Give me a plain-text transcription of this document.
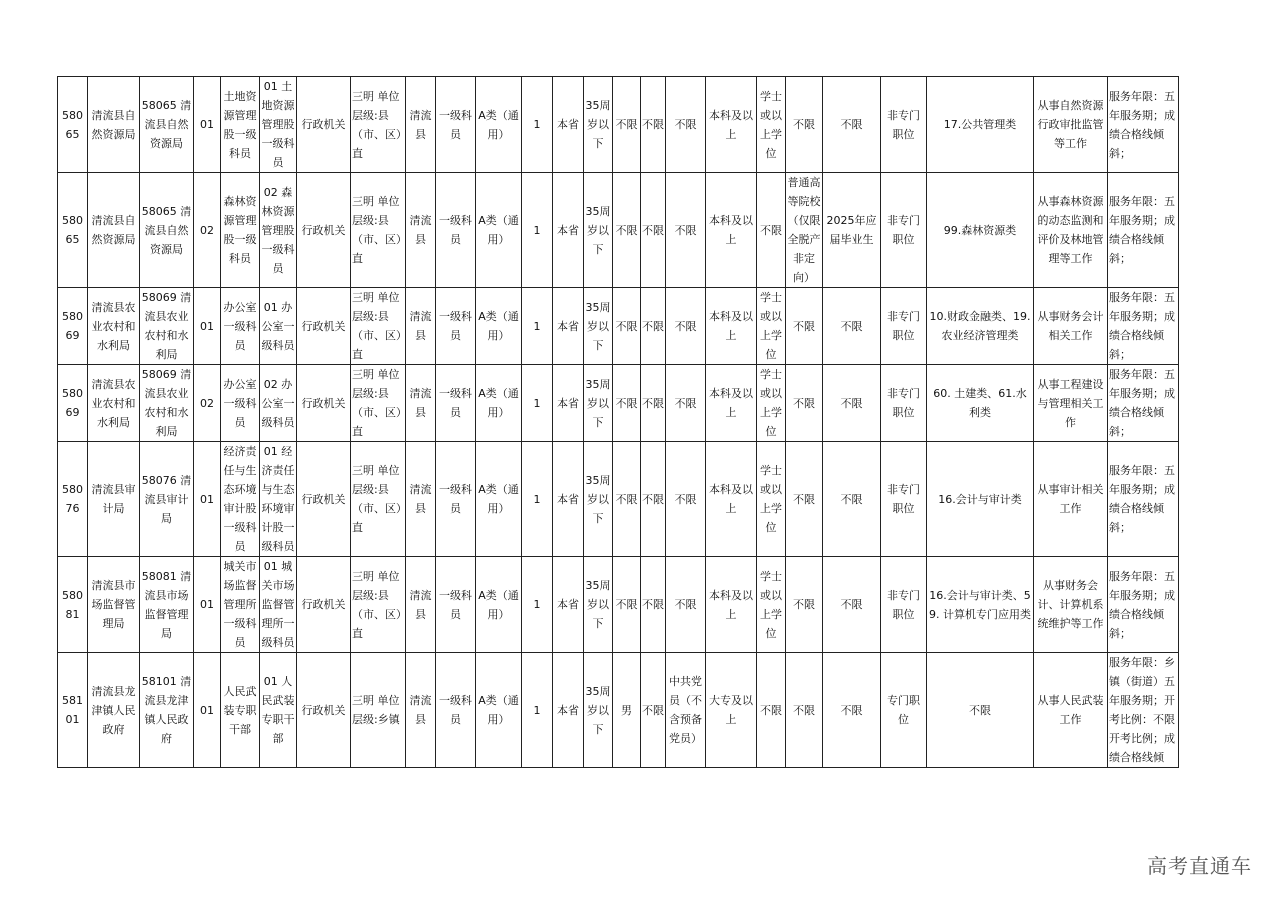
58065	清流县自然资源局	58065 清流县自然资源局	01	土地资源管理股一级科员	01 土地资源管理股一级科员	行政机关	三明 单位层级:县（市、区）直	清流县	一级科员	A类（通用）	1	本省	35周岁以下	不限	不限	不限	本科及以上	学士或以上学位	不限	不限	非专门职位	17.公共管理类	从事自然资源行政审批监管等工作	服务年限：五年服务期；成绩合格线倾斜；
58065	清流县自然资源局	58065 清流县自然资源局	02	森林资源管理股一级科员	02 森林资源管理股一级科员	行政机关	三明 单位层级:县（市、区）直	清流县	一级科员	A类（通用）	1	本省	35周岁以下	不限	不限	不限	本科及以上	不限	普通高等院校（仅限全脱产非定向）	2025年应届毕业生	非专门职位	99.森林资源类	从事森林资源的动态监测和评价及林地管理等工作	服务年限：五年服务期；成绩合格线倾斜；
58069	清流县农业农村和水利局	58069 清流县农业农村和水利局	01	办公室一级科员	01 办公室一级科员	行政机关	三明 单位层级:县（市、区）直	清流县	一级科员	A类（通用）	1	本省	35周岁以下	不限	不限	不限	本科及以上	学士或以上学位	不限	不限	非专门职位	10.财政金融类、19.农业经济管理类	从事财务会计相关工作	服务年限：五年服务期；成绩合格线倾斜；
58069	清流县农业农村和水利局	58069 清流县农业农村和水利局	02	办公室一级科员	02 办公室一级科员	行政机关	三明 单位层级:县（市、区）直	清流县	一级科员	A类（通用）	1	本省	35周岁以下	不限	不限	不限	本科及以上	学士或以上学位	不限	不限	非专门职位	60. 土建类、61.水利类	从事工程建设与管理相关工作	服务年限：五年服务期；成绩合格线倾斜；
58076	清流县审计局	58076 清流县审计局	01	经济责任与生态环境审计股一级科员	01 经济责任与生态环境审计股一级科员	行政机关	三明 单位层级:县（市、区）直	清流县	一级科员	A类（通用）	1	本省	35周岁以下	不限	不限	不限	本科及以上	学士或以上学位	不限	不限	非专门职位	16.会计与审计类	从事审计相关工作	服务年限：五年服务期；成绩合格线倾斜；
58081	清流县市场监督管理局	58081 清流县市场监督管理局	01	城关市场监督管理所一级科员	01 城关市场监督管理所一级科员	行政机关	三明 单位层级:县（市、区）直	清流县	一级科员	A类（通用）	1	本省	35周岁以下	不限	不限	不限	本科及以上	学士或以上学位	不限	不限	非专门职位	16.会计与审计类、59. 计算机专门应用类	从事财务会计、计算机系统维护等工作	服务年限：五年服务期；成绩合格线倾斜；
58101	清流县龙津镇人民政府	58101 清流县龙津镇人民政府	01	人民武装专职干部	01 人民武装专职干部	行政机关	三明 单位层级:乡镇	清流县	一级科员	A类（通用）	1	本省	35周岁以下	男	不限	中共党员（不含预备党员）	大专及以上	不限	不限	不限	专门职位	不限	从事人民武装工作	服务年限：乡镇（街道）五年服务期；开考比例：不限开考比例；成绩合格线倾
高考直通车
